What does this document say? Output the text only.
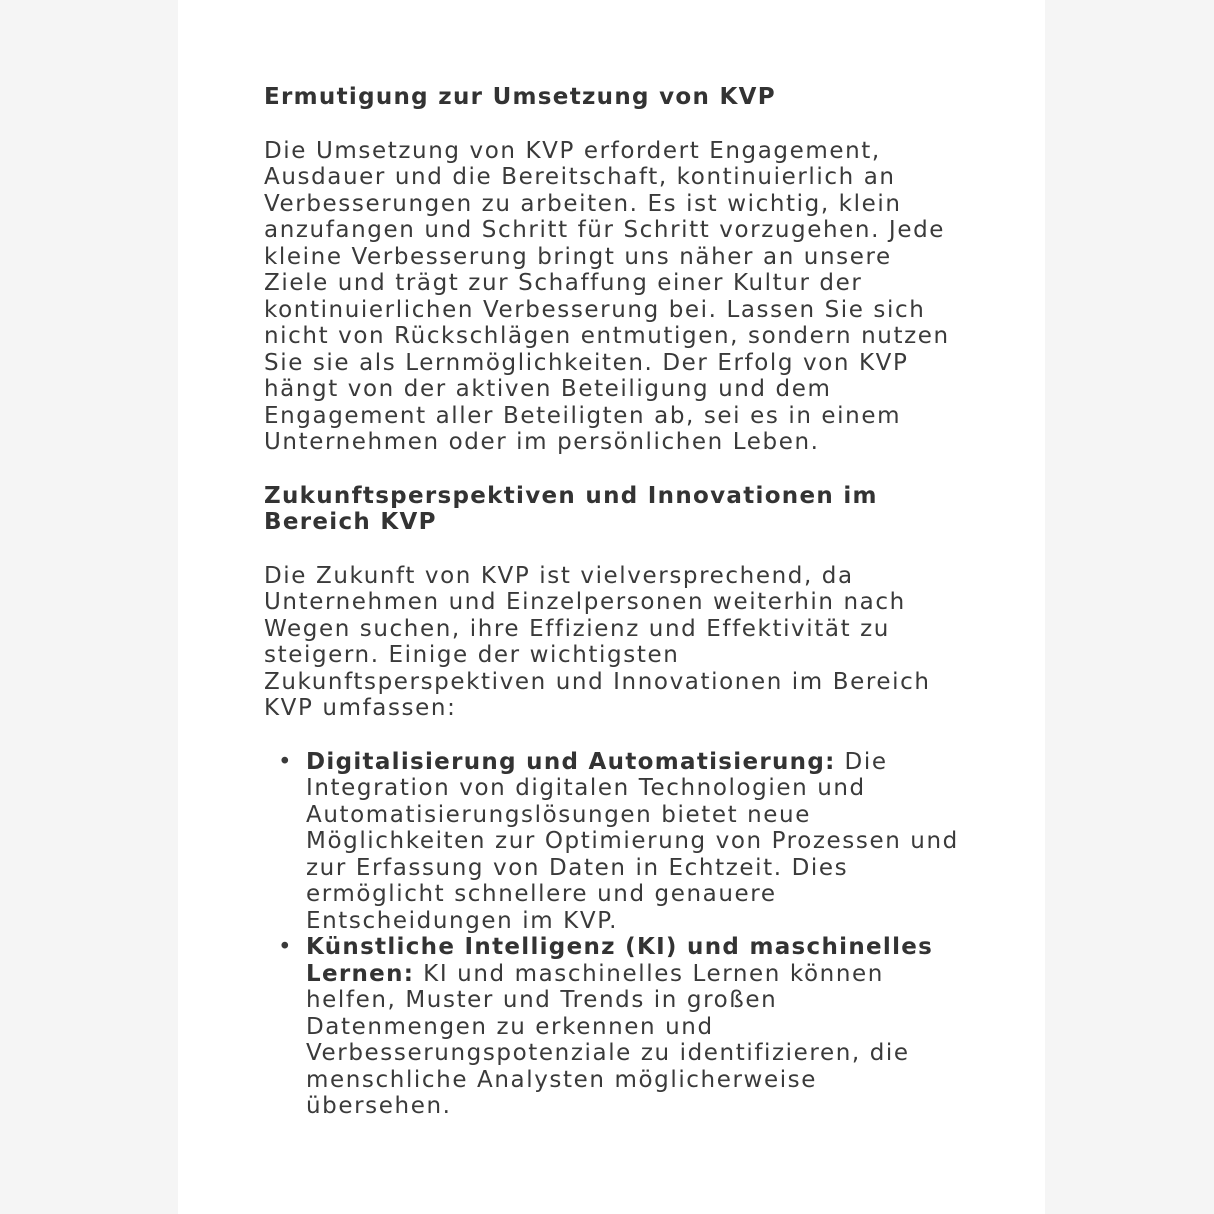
Ermutigung zur Umsetzung von KVP

Die Umsetzung von KVP erfordert Engagement, Ausdauer und die Bereitschaft, kontinuierlich an Verbesserungen zu arbeiten. Es ist wichtig, klein anzufangen und Schritt für Schritt vorzugehen. Jede kleine Verbesserung bringt uns näher an unsere Ziele und trägt zur Schaffung einer Kultur der kontinuierlichen Verbesserung bei. Lassen Sie sich nicht von Rückschlägen entmutigen, sondern nutzen Sie sie als Lernmöglichkeiten. Der Erfolg von KVP hängt von der aktiven Beteiligung und dem Engagement aller Beteiligten ab, sei es in einem Unternehmen oder im persönlichen Leben.

Zukunftsperspektiven und Innovationen im Bereich KVP

Die Zukunft von KVP ist vielversprechend, da Unternehmen und Einzelpersonen weiterhin nach Wegen suchen, ihre Effizienz und Effektivität zu steigern. Einige der wichtigsten Zukunftsperspektiven und Innovationen im Bereich KVP umfassen:

• Digitalisierung und Automatisierung: Die Integration von digitalen Technologien und Automatisierungslösungen bietet neue Möglichkeiten zur Optimierung von Prozessen und zur Erfassung von Daten in Echtzeit. Dies ermöglicht schnellere und genauere Entscheidungen im KVP.
• Künstliche Intelligenz (KI) und maschinelles Lernen: KI und maschinelles Lernen können helfen, Muster und Trends in großen Datenmengen zu erkennen und Verbesserungspotenziale zu identifizieren, die menschliche Analysten möglicherweise übersehen.
